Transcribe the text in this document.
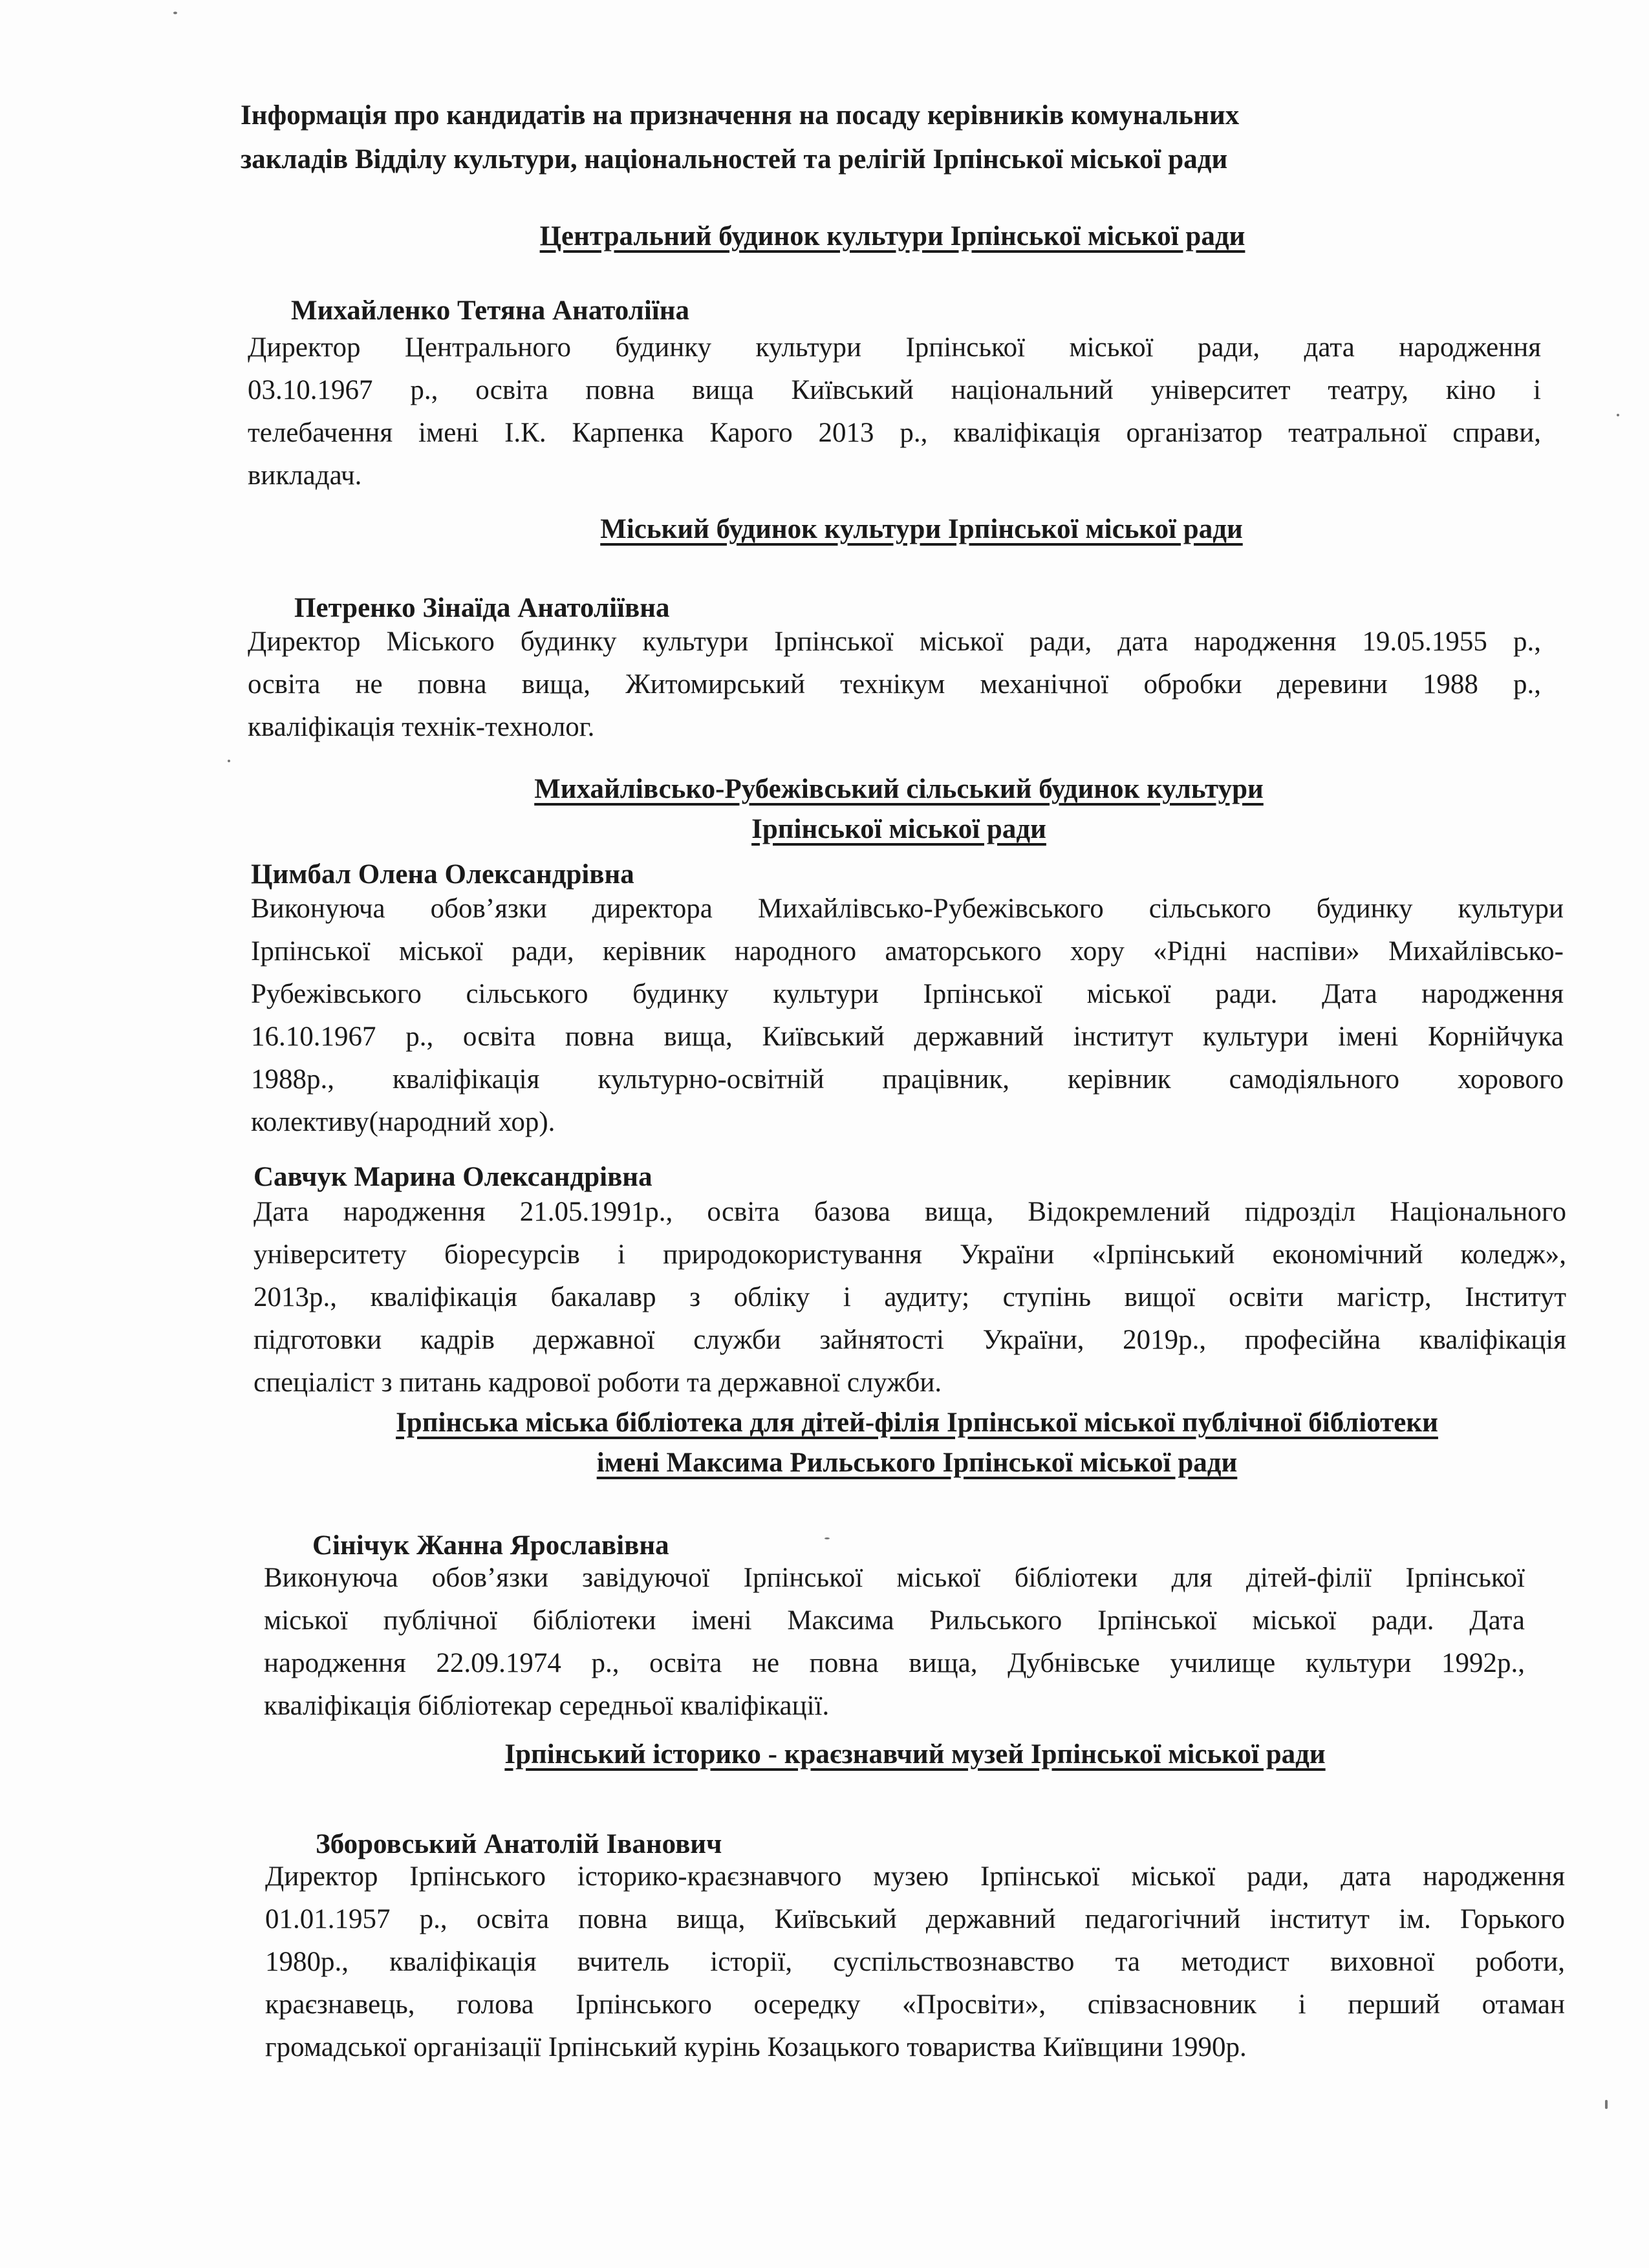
Інформація про кандидатів на призначення на посаду керівників комунальних
закладів Відділу культури, національностей та релігій Ірпінської міської ради
Центральний будинок культури Ірпінської міської ради
Михайленко Тетяна Анатоліїна
Директор Центрального будинку культури Ірпінської міської ради, дата народження
03.10.1967 р., освіта повна вища Київський національний університет театру, кіно і
телебачення імені І.К. Карпенка Карого 2013 р., кваліфікація організатор театральної справи,
викладач.
Міський будинок культури Ірпінської міської ради
Петренко Зінаїда Анатоліївна
Директор Міського будинку культури Ірпінської міської ради, дата народження 19.05.1955 р.,
освіта не повна вища, Житомирський технікум механічної обробки деревини 1988 р.,
кваліфікація технік-технолог.
Михайлівсько-Рубежівський сільський будинок культури
Ірпінської міської ради
Цимбал Олена Олександрівна
Виконуюча обов’язки директора Михайлівсько-Рубежівського сільського будинку культури
Ірпінської міської ради, керівник народного аматорського хору «Рідні наспіви» Михайлівсько-
Рубежівського сільського будинку культури Ірпінської міської ради. Дата народження
16.10.1967 р., освіта повна вища, Київський державний інститут культури імені Корнійчука
1988р., кваліфікація культурно-освітній працівник, керівник самодіяльного хорового
колективу(народний хор).
Савчук Марина Олександрівна
Дата народження 21.05.1991р., освіта базова вища, Відокремлений підрозділ Національного
університету біоресурсів і природокористування України «Ірпінський економічний коледж»,
2013р., кваліфікація бакалавр з обліку і аудиту; ступінь вищої освіти магістр, Інститут
підготовки кадрів державної служби зайнятості України, 2019р., професійна кваліфікація
спеціаліст з питань кадрової роботи та державної служби.
Ірпінська міська бібліотека для дітей-філія Ірпінської міської публічної бібліотеки
імені Максима Рильського Ірпінської міської ради
Сінічук Жанна Ярославівна
Виконуюча обов’язки завідуючої Ірпінської міської бібліотеки для дітей-філії Ірпінської
міської публічної бібліотеки імені Максима Рильського Ірпінської міської ради. Дата
народження 22.09.1974 р., освіта не повна вища, Дубнівське училище культури 1992р.,
кваліфікація бібліотекар середньої кваліфікації.
Ірпінський історико - краєзнавчий музей Ірпінської міської ради
Зборовський Анатолій Іванович
Директор Ірпінського історико-краєзнавчого музею Ірпінської міської ради, дата народження
01.01.1957 р., освіта повна вища, Київський державний педагогічний інститут ім. Горького
1980р., кваліфікація вчитель історії, суспільствознавство та методист виховної роботи,
краєзнавець, голова Ірпінського осередку «Просвіти», співзасновник і перший отаман
громадської організації Ірпінський курінь Козацького товариства Київщини 1990р.
